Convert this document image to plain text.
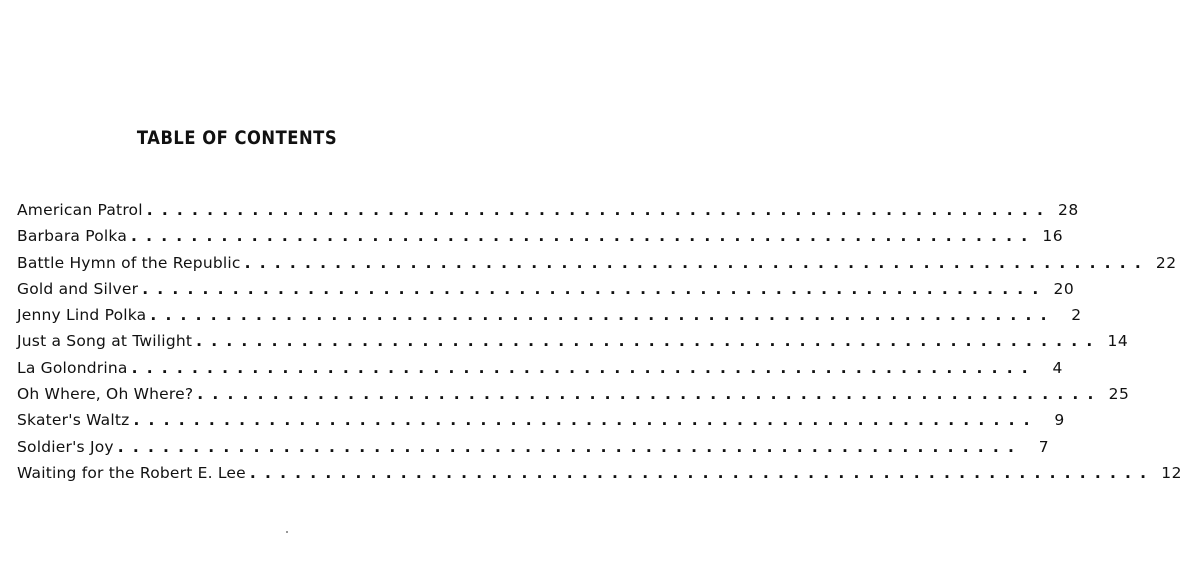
TABLE OF CONTENTS
American Patrol ............................................................ 28
Barbara Polka ............................................................ 16
Battle Hymn of the Republic ............................................................ 22
Gold and Silver ............................................................ 20
Jenny Lind Polka ............................................................	2
Just a Song at Twilight ............................................................ 14
La Golondrina ............................................................	4
Oh Where, Oh Where? ............................................................ 25
Skater's Waltz ............................................................	9
Soldier's Joy ............................................................	7
Waiting for the Robert E. Lee ............................................................ 12
